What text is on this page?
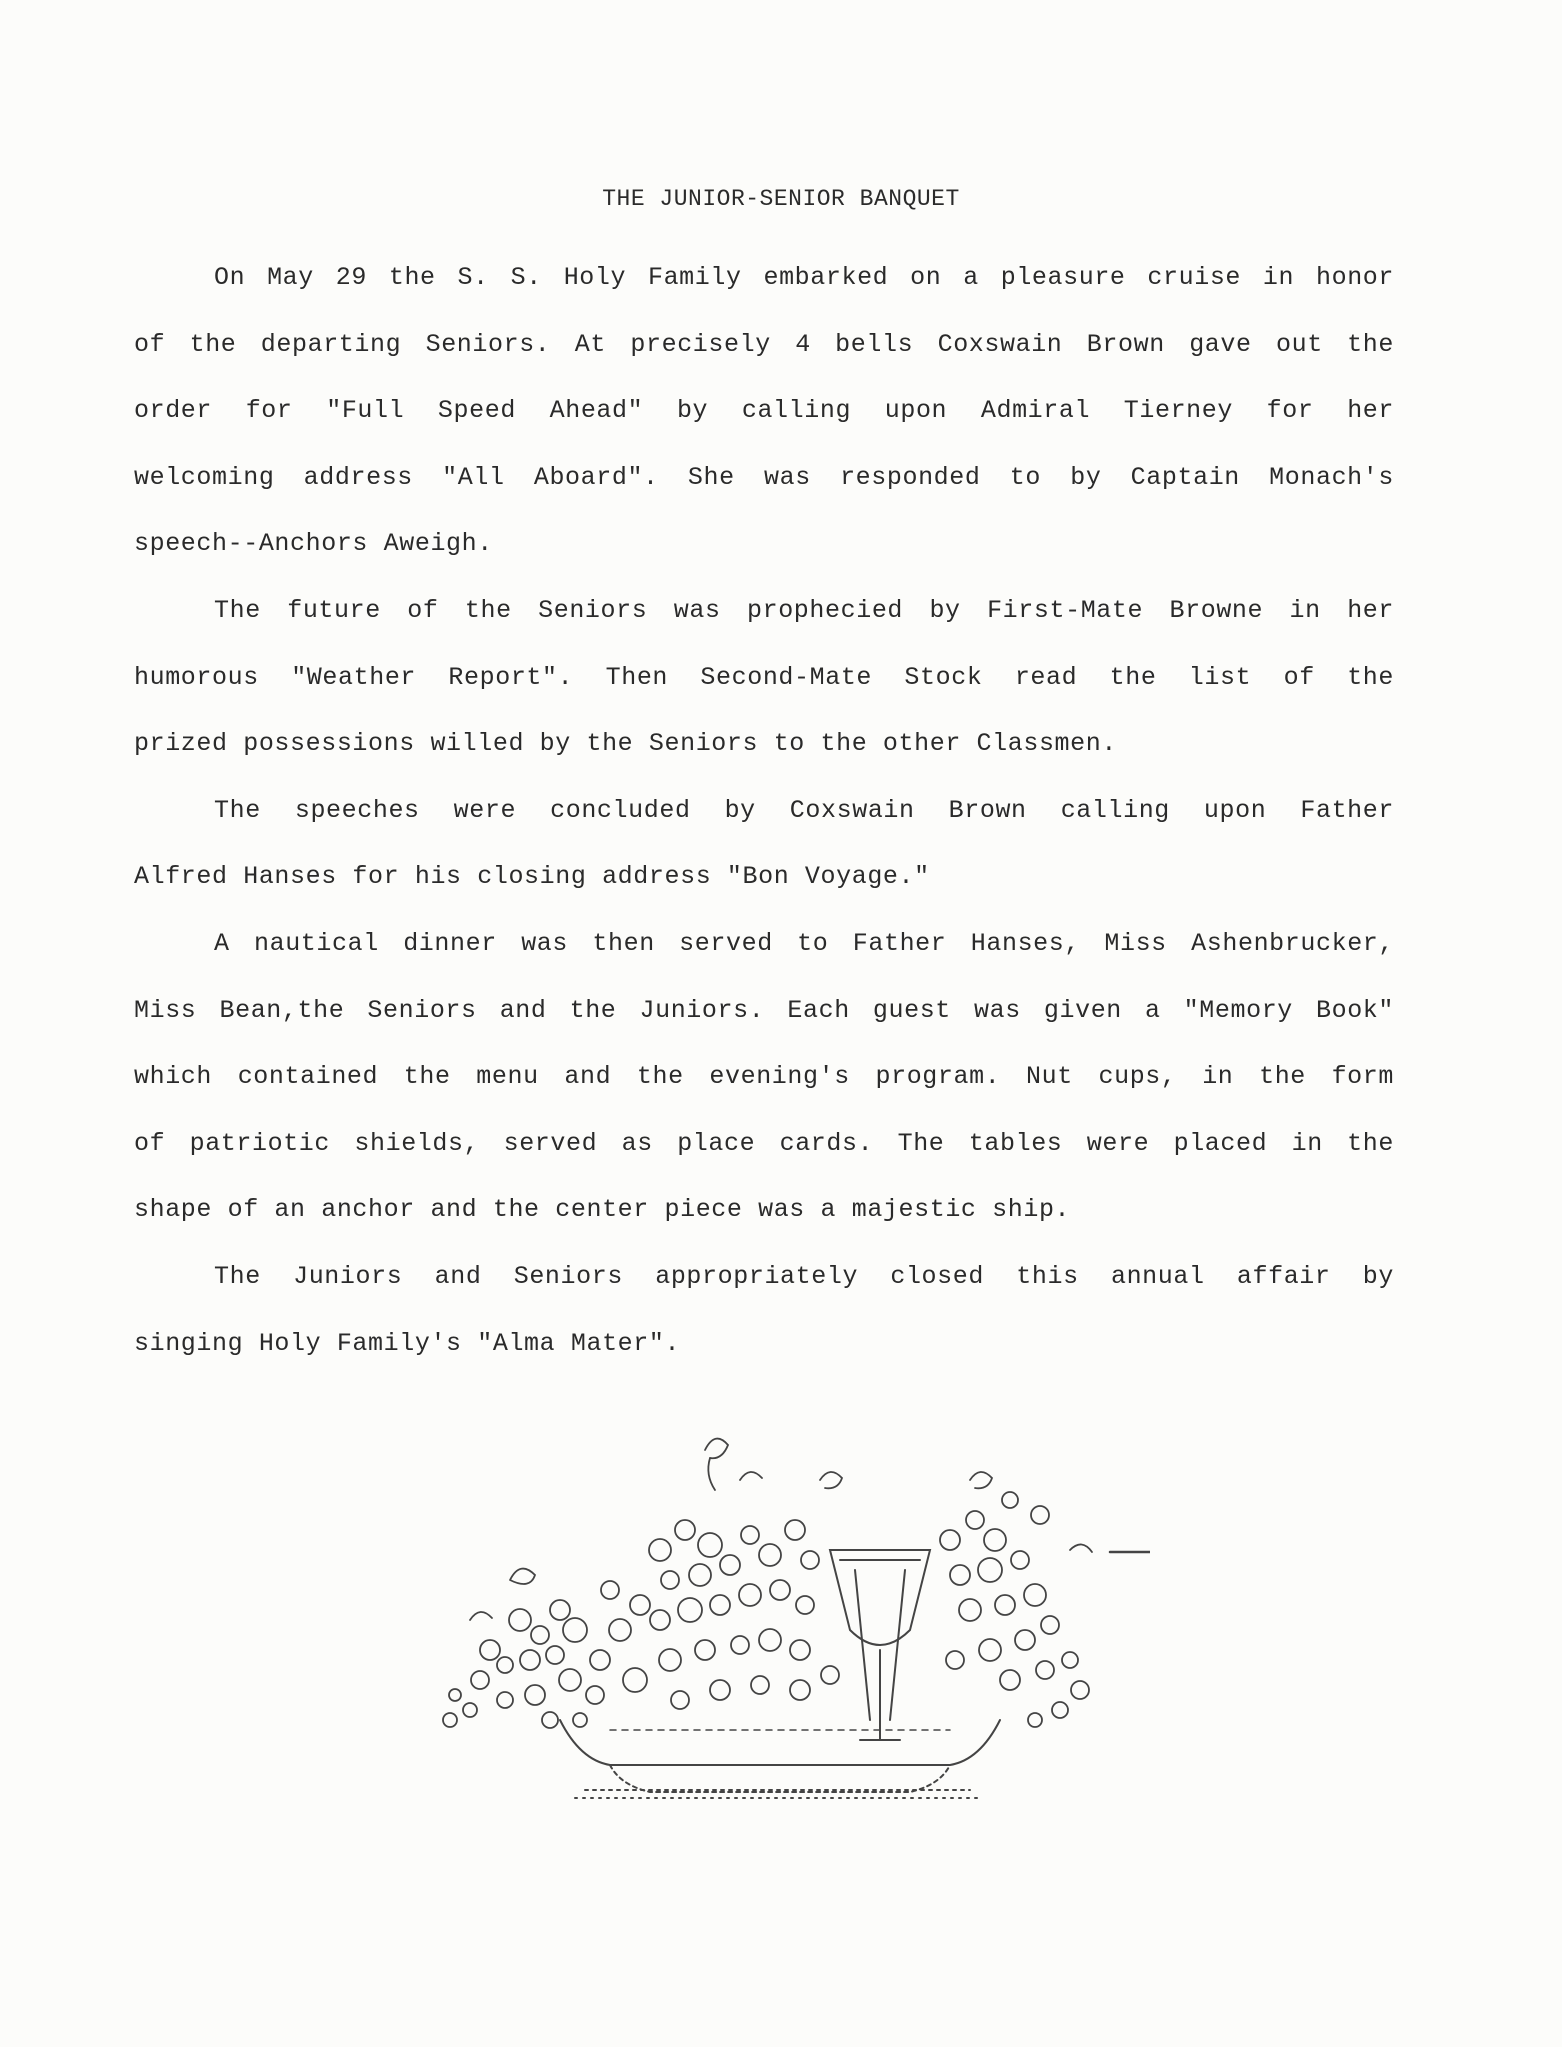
THE JUNIOR-SENIOR BANQUET
On May 29 the S. S. Holy Family embarked on a pleasure cruise in honor
of the departing Seniors. At precisely 4 bells Coxswain Brown gave out the
order for "Full Speed Ahead" by calling upon Admiral Tierney for her
welcoming address "All Aboard". She was responded to by Captain Monach's
speech--Anchors Aweigh.
The future of the Seniors was prophecied by First-Mate Browne in her
humorous "Weather Report". Then Second-Mate Stock read the list of the
prized possessions willed by the Seniors to the other Classmen.
The speeches were concluded by Coxswain Brown calling upon Father
Alfred Hanses for his closing address "Bon Voyage."
A nautical dinner was then served to Father Hanses, Miss Ashenbrucker,
Miss Bean,the Seniors and the Juniors. Each guest was given a "Memory Book"
which contained the menu and the evening's program. Nut cups, in the form
of patriotic shields, served as place cards. The tables were placed in the
shape of an anchor and the center piece was a majestic ship.
The Juniors and Seniors appropriately closed this annual affair by
singing Holy Family's "Alma Mater".
